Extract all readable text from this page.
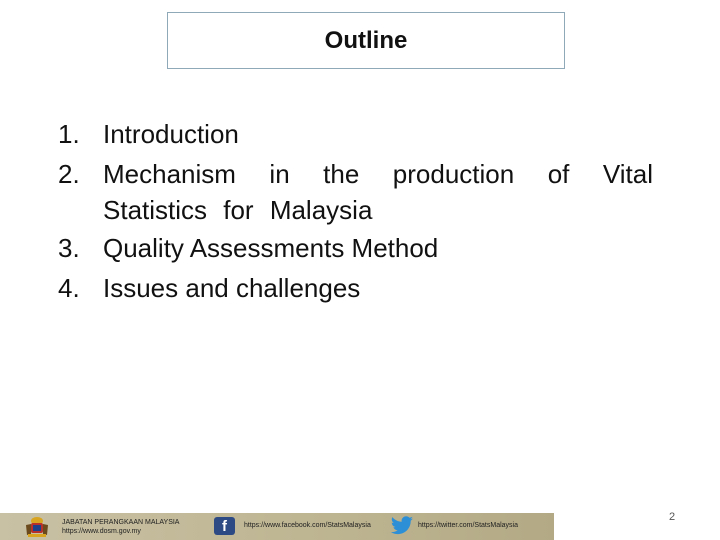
Outline
1. Introduction
2. Mechanism in the production of Vital Statistics for Malaysia
3. Quality Assessments Method
4. Issues and challenges
JABATAN PERANGKAAN MALAYSIA
https://www.dosm.gov.my	f	https://www.facebook.com/StatsMalaysia	https://twitter.com/StatsMalaysia
2
